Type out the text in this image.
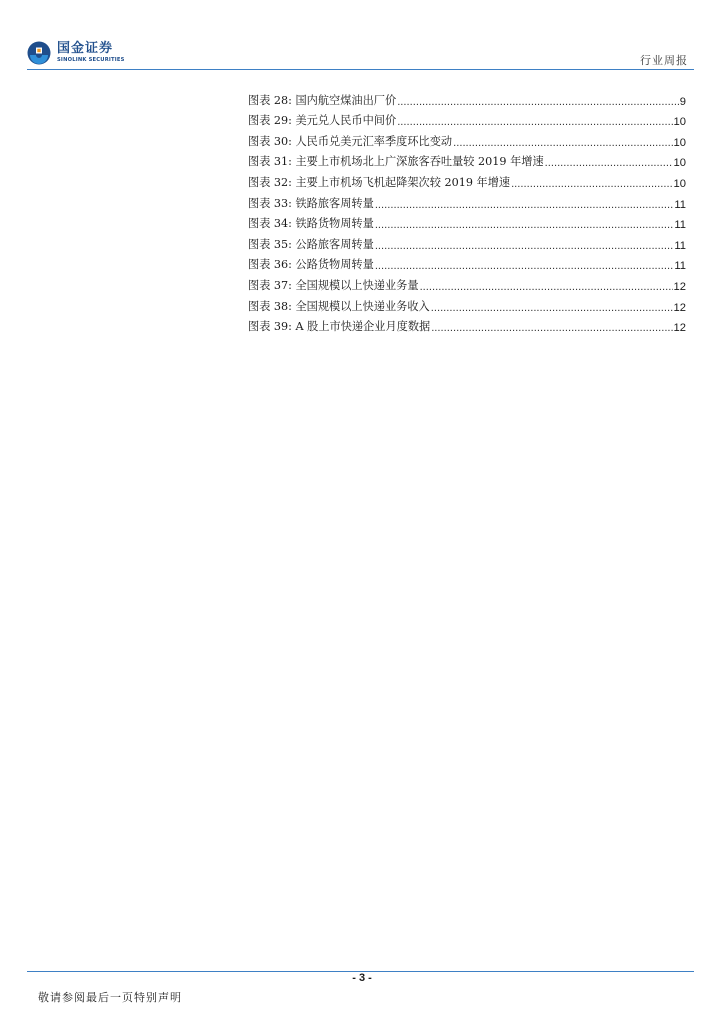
国金证券
SINOLINK SECURITIES	行业周报
图表 28: 国内航空煤油出厂价 .....	9
图表 29: 美元兑人民币中间价 .....	10
图表 30: 人民币兑美元汇率季度环比变动 .....	10
图表 31: 主要上市机场北上广深旅客吞吐量较 2019 年增速 .....	10
图表 32: 主要上市机场飞机起降架次较 2019 年增速 .....	10
图表 33: 铁路旅客周转量 .....	11
图表 34: 铁路货物周转量 .....	11
图表 35: 公路旅客周转量 .....	11
图表 36: 公路货物周转量 .....	11
图表 37: 全国规模以上快递业务量 .....	12
图表 38: 全国规模以上快递业务收入 .....	12
图表 39: A 股上市快递企业月度数据 .....	12
- 3 -
敬请参阅最后一页特别声明
